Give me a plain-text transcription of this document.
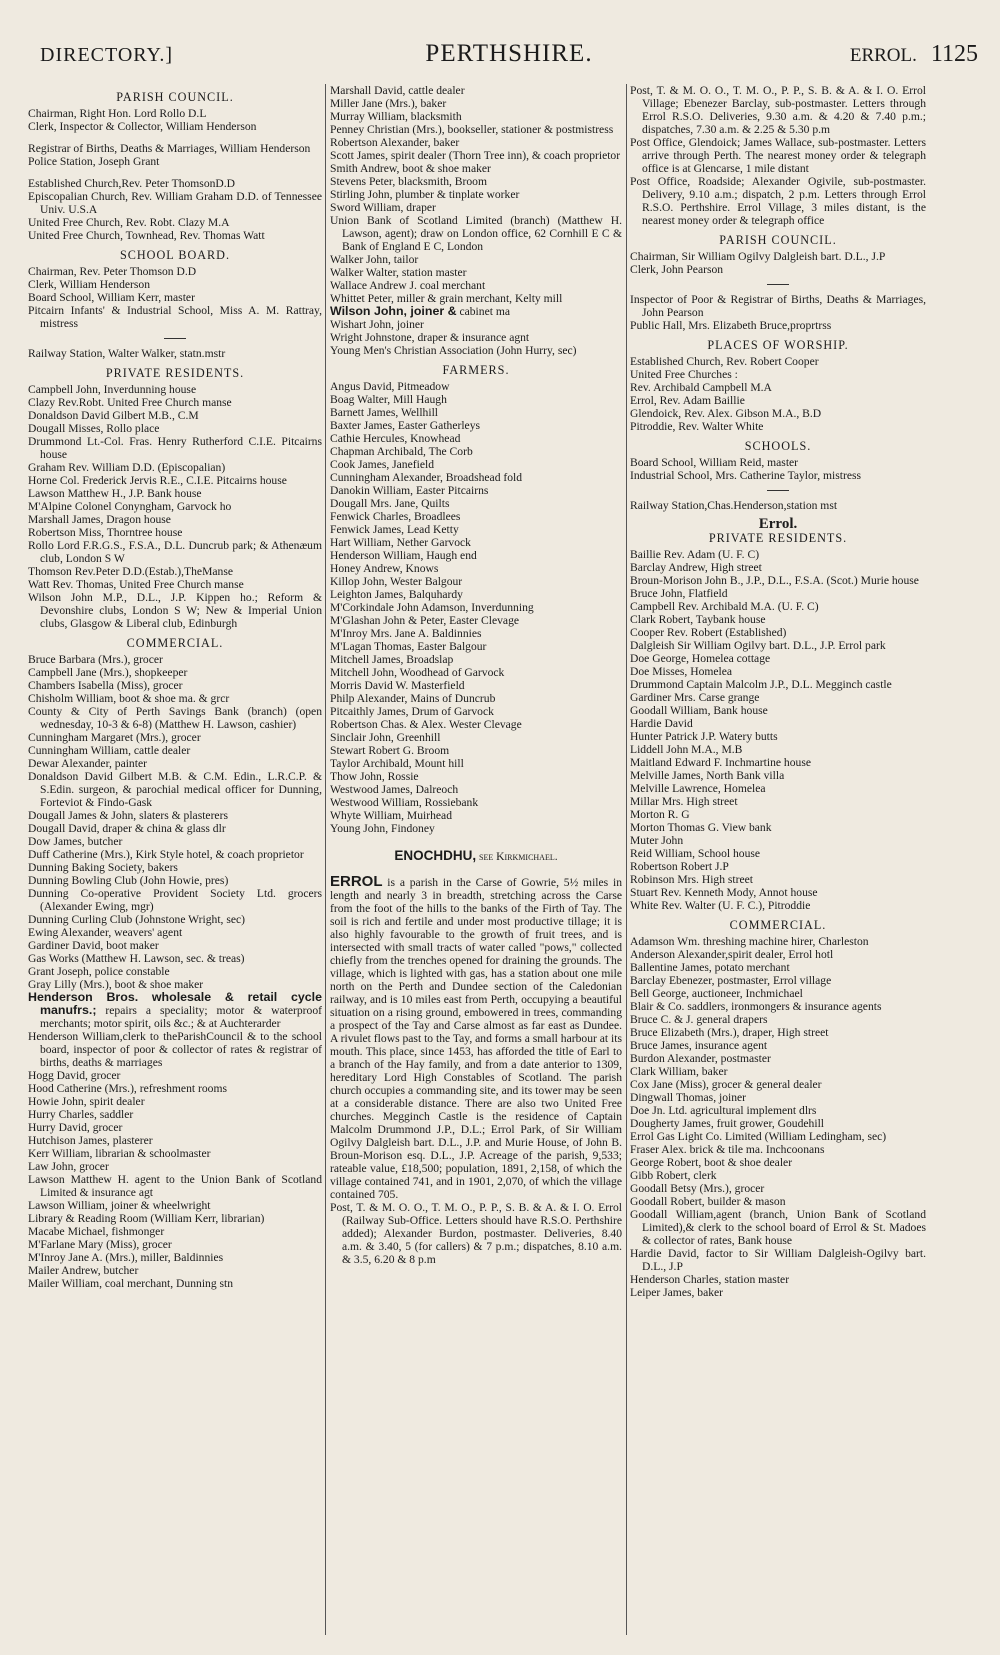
DIRECTORY.]	PERTHSHIRE.	ERROL. 1125
PARISH COUNCIL.

Chairman, Right Hon. Lord Rollo D.L

Clerk, Inspector & Collector, William Henderson

Registrar of Births, Deaths & Marriages, William Henderson

Police Station, Joseph Grant

Established Church,Rev. Peter ThomsonD.D

Episcopalian Church, Rev. William Graham D.D. of Tennessee Univ. U.S.A

United Free Church, Rev. Robt. Clazy M.A

United Free Church, Townhead, Rev. Thomas Watt

SCHOOL BOARD.

Chairman, Rev. Peter Thomson D.D

Clerk, William Henderson

Board School, William Kerr, master

Pitcairn Infants' & Industrial School, Miss A. M. Rattray, mistress

Railway Station, Walter Walker, statn.mstr

PRIVATE RESIDENTS.

Campbell John, Inverdunning house

Clazy Rev.Robt. United Free Church manse

Donaldson David Gilbert M.B., C.M

Dougall Misses, Rollo place

Drummond Lt.-Col. Fras. Henry Rutherford C.I.E. Pitcairns house

Graham Rev. William D.D. (Episcopalian)

Horne Col. Frederick Jervis R.E., C.I.E. Pitcairns house

Lawson Matthew H., J.P. Bank house

M'Alpine Colonel Conyngham, Garvock ho

Marshall James, Dragon house

Robertson Miss, Thorntree house

Rollo Lord F.R.G.S., F.S.A., D.L. Duncrub park; & Athenæum club, London S W

Thomson Rev.Peter D.D.(Estab.),TheManse

Watt Rev. Thomas, United Free Church manse

Wilson John M.P., D.L., J.P. Kippen ho.; Reform & Devonshire clubs, London S W; New & Imperial Union clubs, Glasgow & Liberal club, Edinburgh

COMMERCIAL.

Bruce Barbara (Mrs.), grocer

Campbell Jane (Mrs.), shopkeeper

Chambers Isabella (Miss), grocer

Chisholm William, boot & shoe ma. & grcr

County & City of Perth Savings Bank (branch) (open wednesday, 10-3 & 6-8) (Matthew H. Lawson, cashier)

Cunningham Margaret (Mrs.), grocer

Cunningham William, cattle dealer

Dewar Alexander, painter

Donaldson David Gilbert M.B. & C.M. Edin., L.R.C.P. & S.Edin. surgeon, & parochial medical officer for Dunning, Forteviot & Findo-Gask

Dougall James & John, slaters & plasterers

Dougall David, draper & china & glass dlr

Dow James, butcher

Duff Catherine (Mrs.), Kirk Style hotel, & coach proprietor

Dunning Baking Society, bakers

Dunning Bowling Club (John Howie, pres)

Dunning Co-operative Provident Society Ltd. grocers (Alexander Ewing, mgr)

Dunning Curling Club (Johnstone Wright, sec)

Ewing Alexander, weavers' agent

Gardiner David, boot maker

Gas Works (Matthew H. Lawson, sec. & treas)

Grant Joseph, police constable

Gray Lilly (Mrs.), boot & shoe maker

Henderson Bros. wholesale & retail cycle manufrs.; repairs a speciality; motor & waterproof merchants; motor spirit, oils &c.; & at Auchterarder

Henderson William,clerk to theParishCouncil & to the school board, inspector of poor & collector of rates & registrar of births, deaths & marriages

Hogg David, grocer

Hood Catherine (Mrs.), refreshment rooms

Howie John, spirit dealer

Hurry Charles, saddler

Hurry David, grocer

Hutchison James, plasterer

Kerr William, librarian & schoolmaster

Law John, grocer

Lawson Matthew H. agent to the Union Bank of Scotland Limited & insurance agt

Lawson William, joiner & wheelwright

Library & Reading Room (William Kerr, librarian)

Macabe Michael, fishmonger

M'Farlane Mary (Miss), grocer

M'Inroy Jane A. (Mrs.), miller, Baldinnies

Mailer Andrew, butcher

Mailer William, coal merchant, Dunning stn

Marshall David, cattle dealer

Miller Jane (Mrs.), baker

Murray William, blacksmith

Penney Christian (Mrs.), bookseller, stationer & postmistress

Robertson Alexander, baker

Scott James, spirit dealer (Thorn Tree inn), & coach proprietor

Smith Andrew, boot & shoe maker

Stevens Peter, blacksmith, Broom

Stirling John, plumber & tinplate worker

Sword William, draper

Union Bank of Scotland Limited (branch) (Matthew H. Lawson, agent); draw on London office, 62 Cornhill E C & Bank of England E C, London

Walker John, tailor

Walker Walter, station master

Wallace Andrew J. coal merchant

Whittet Peter, miller & grain merchant, Kelty mill

Wilson John, joiner & cabinet ma

Wishart John, joiner

Wright Johnstone, draper & insurance agnt

Young Men's Christian Association (John Hurry, sec)

FARMERS.

Angus David, Pitmeadow

Boag Walter, Mill Haugh

Barnett James, Wellhill

Baxter James, Easter Gatherleys

Cathie Hercules, Knowhead

Chapman Archibald, The Corb

Cook James, Janefield

Cunningham Alexander, Broadshead fold

Danokin William, Easter Pitcairns

Dougall Mrs. Jane, Quilts

Fenwick Charles, Broadlees

Fenwick James, Lead Ketty

Hart William, Nether Garvock

Henderson William, Haugh end

Honey Andrew, Knows

Killop John, Wester Balgour

Leighton James, Balquhardy

M'Corkindale John Adamson, Inverdunning

M'Glashan John & Peter, Easter Clevage

M'Inroy Mrs. Jane A. Baldinnies

M'Lagan Thomas, Easter Balgour

Mitchell James, Broadslap

Mitchell John, Woodhead of Garvock

Morris David W. Masterfield

Philp Alexander, Mains of Duncrub

Pitcaithly James, Drum of Garvock

Robertson Chas. & Alex. Wester Clevage

Sinclair John, Greenhill

Stewart Robert G. Broom

Taylor Archibald, Mount hill

Thow John, Rossie

Westwood James, Dalreoch

Westwood William, Rossiebank

Whyte William, Muirhead

Young John, Findoney

ENOCHDHU, see Kirkmichael.

ERROL is a parish in the Carse of Gowrie, 5½ miles in length and nearly 3 in breadth, stretching across the Carse from the foot of the hills to the banks of the Firth of Tay. The soil is rich and fertile and under most productive tillage; it is also highly favourable to the growth of fruit trees, and is intersected with small tracts of water called "pows," collected chiefly from the trenches opened for draining the grounds. The village, which is lighted with gas, has a station about one mile north on the Perth and Dundee section of the Caledonian railway, and is 10 miles east from Perth, occupying a beautiful situation on a rising ground, embowered in trees, commanding a prospect of the Tay and Carse almost as far east as Dundee. A rivulet flows past to the Tay, and forms a small harbour at its mouth. This place, since 1453, has afforded the title of Earl to a branch of the Hay family, and from a date anterior to 1309, hereditary Lord High Constables of Scotland. The parish church occupies a commanding site, and its tower may be seen at a considerable distance. There are also two United Free churches. Megginch Castle is the residence of Captain Malcolm Drummond J.P., D.L.; Errol Park, of Sir William Ogilvy Dalgleish bart. D.L., J.P. and Murie House, of John B. Broun-Morison esq. D.L., J.P. Acreage of the parish, 9,533; rateable value, £18,500; population, 1891, 2,158, of which the village contained 741, and in 1901, 2,070, of which the village contained 705.

Post, T. & M. O. O., T. M. O., P. P., S. B. & A. & I. O. Errol (Railway Sub-Office. Letters should have R.S.O. Perthshire added); Alexander Burdon, postmaster. Deliveries, 8.40 a.m. & 3.40, 5 (for callers) & 7 p.m.; dispatches, 8.10 a.m. & 3.5, 6.20 & 8 p.m

Post, T. & M. O. O., T. M. O., P. P., S. B. & A. & I. O. Errol Village; Ebenezer Barclay, sub-postmaster. Letters through Errol R.S.O. Deliveries, 9.30 a.m. & 4.20 & 7.40 p.m.; dispatches, 7.30 a.m. & 2.25 & 5.30 p.m

Post Office, Glendoick; James Wallace, sub-postmaster. Letters arrive through Perth. The nearest money order & telegraph office is at Glencarse, 1 mile distant

Post Office, Roadside; Alexander Ogivile, sub-postmaster. Delivery, 9.10 a.m.; dispatch, 2 p.m. Letters through Errol R.S.O. Perthshire. Errol Village, 3 miles distant, is the nearest money order & telegraph office

PARISH COUNCIL.

Chairman, Sir William Ogilvy Dalgleish bart. D.L., J.P

Clerk, John Pearson

Inspector of Poor & Registrar of Births, Deaths & Marriages, John Pearson

Public Hall, Mrs. Elizabeth Bruce,proprtrss

PLACES OF WORSHIP.

Established Church, Rev. Robert Cooper

United Free Churches :

Rev. Archibald Campbell M.A

Errol, Rev. Adam Baillie

Glendoick, Rev. Alex. Gibson M.A., B.D

Pitroddie, Rev. Walter White

SCHOOLS.

Board School, William Reid, master

Industrial School, Mrs. Catherine Taylor, mistress

Railway Station,Chas.Henderson,station mst

Errol.
PRIVATE RESIDENTS.

Baillie Rev. Adam (U. F. C)

Barclay Andrew, High street

Broun-Morison John B., J.P., D.L., F.S.A. (Scot.) Murie house

Bruce John, Flatfield

Campbell Rev. Archibald M.A. (U. F. C)

Clark Robert, Taybank house

Cooper Rev. Robert (Established)

Dalgleish Sir William Ogilvy bart. D.L., J.P. Errol park

Doe George, Homelea cottage

Doe Misses, Homelea

Drummond Captain Malcolm J.P., D.L. Megginch castle

Gardiner Mrs. Carse grange

Goodall William, Bank house

Hardie David

Hunter Patrick J.P. Watery butts

Liddell John M.A., M.B

Maitland Edward F. Inchmartine house

Melville James, North Bank villa

Melville Lawrence, Homelea

Millar Mrs. High street

Morton R. G

Morton Thomas G. View bank

Muter John

Reid William, School house

Robertson Robert J.P

Robinson Mrs. High street

Stuart Rev. Kenneth Mody, Annot house

White Rev. Walter (U. F. C.), Pitroddie

COMMERCIAL.

Adamson Wm. threshing machine hirer, Charleston

Anderson Alexander,spirit dealer, Errol hotl

Ballentine James, potato merchant

Barclay Ebenezer, postmaster, Errol village

Bell George, auctioneer, Inchmichael

Blair & Co. saddlers, ironmongers & insurance agents

Bruce C. & J. general drapers

Bruce Elizabeth (Mrs.), draper, High street

Bruce James, insurance agent

Burdon Alexander, postmaster

Clark William, baker

Cox Jane (Miss), grocer & general dealer

Dingwall Thomas, joiner

Doe Jn. Ltd. agricultural implement dlrs

Dougherty James, fruit grower, Goudehill

Errol Gas Light Co. Limited (William Ledingham, sec)

Fraser Alex. brick & tile ma. Inchcoonans

George Robert, boot & shoe dealer

Gibb Robert, clerk

Goodall Betsy (Mrs.), grocer

Goodall Robert, builder & mason

Goodall William,agent (branch, Union Bank of Scotland Limited),& clerk to the school board of Errol & St. Madoes & collector of rates, Bank house

Hardie David, factor to Sir William Dalgleish-Ogilvy bart. D.L., J.P

Henderson Charles, station master

Leiper James, baker
